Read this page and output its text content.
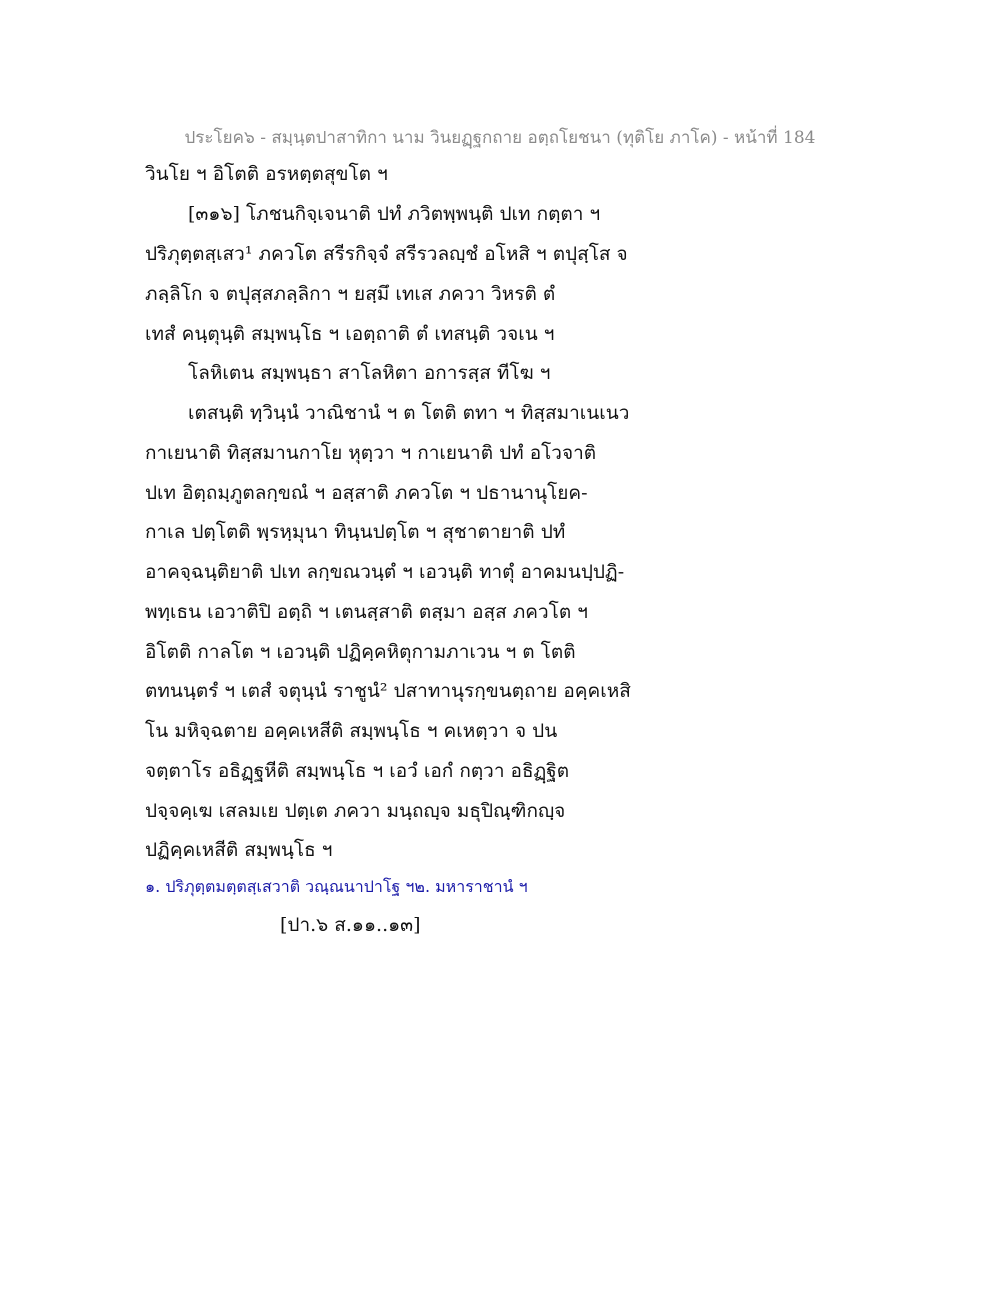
ประโยค๖ - สมฺนฺตปาสาทิกา นาม วินยฏฺฐกถาย อตฺถโยชนา (ทุติโย ภาโค) - หน้าที่ 184
วินโย ฯ อิโตติ อรหตฺตสุขโต ฯ
[๓๑๖] โภชนกิจฺเจนาติ ปทํ ภวิตพฺพนฺติ ปเท กตฺตา ฯ
ปริภุตฺตสฺเสว¹ ภควโต สรีรกิจฺจํ สรีรวลญฺชํ อโหสิ ฯ ตปุสฺโส จ
ภลฺลิโก จ ตปุสฺสภลฺลิกา ฯ ยสฺมึ เทเส ภควา วิหรติ ตํ
เทสํ คนฺตุนฺติ สมฺพนฺโธ ฯ เอตฺถาติ ตํ เทสนฺติ วจเน ฯ
โลหิเตน สมฺพนฺธา สาโลหิตา อการสฺส ทีโฆ ฯ
เตสนฺติ ทฺวินฺนํ วาณิชานํ ฯ ต โตติ ตทา ฯ ทิสฺสมาเนเนว
กาเยนาติ ทิสฺสมานกาโย หุตฺวา ฯ กาเยนาติ ปทํ อโวจาติ
ปเท อิตฺถมฺภูตลกฺขณํ ฯ อสฺสาติ ภควโต ฯ ปธานานุโยค-
กาเล ปตฺโตติ พฺรหฺมุนา ทินฺนปตฺโต ฯ สุชาตายาติ ปทํ
อาคจฺฉนฺติยาติ ปเท ลกฺขณวนฺตํ ฯ เอวนฺติ ทาตุํ อาคมนปฺปฏิ-
พทฺเธน เอวาติปิ อตฺถิ ฯ เตนสฺสาติ ตสฺมา อสฺส ภควโต ฯ
อิโตติ กาลโต ฯ เอวนฺติ ปฏิคฺคหิตุกามภาเวน ฯ ต โตติ
ตทนนฺตรํ ฯ เตสํ จตุนฺนํ ราชูนํ² ปสาทานุรกฺขนตฺถาย อคฺคเหสิ
โน มหิจฺฉตาย อคฺคเหสีติ สมฺพนฺโธ ฯ คเหตฺวา จ ปน
จตฺตาโร อธิฏฺฐหีติ สมฺพนฺโธ ฯ เอวํ เอกํ กตฺวา อธิฏฺฐิต
ปจฺจคฺเฆ เสลมเย ปตฺเต ภควา มนฺถญฺจ มธุปิณฺฑิกญฺจ
ปฏิคฺคเหสีติ สมฺพนฺโธ ฯ
๑. ปริภุตฺตมตฺตสฺเสวาติ วณฺณนาปาโฐ ฯ๒. มหาราชานํ ฯ
[ปา.๖ ส.๑๑..๑๓]
